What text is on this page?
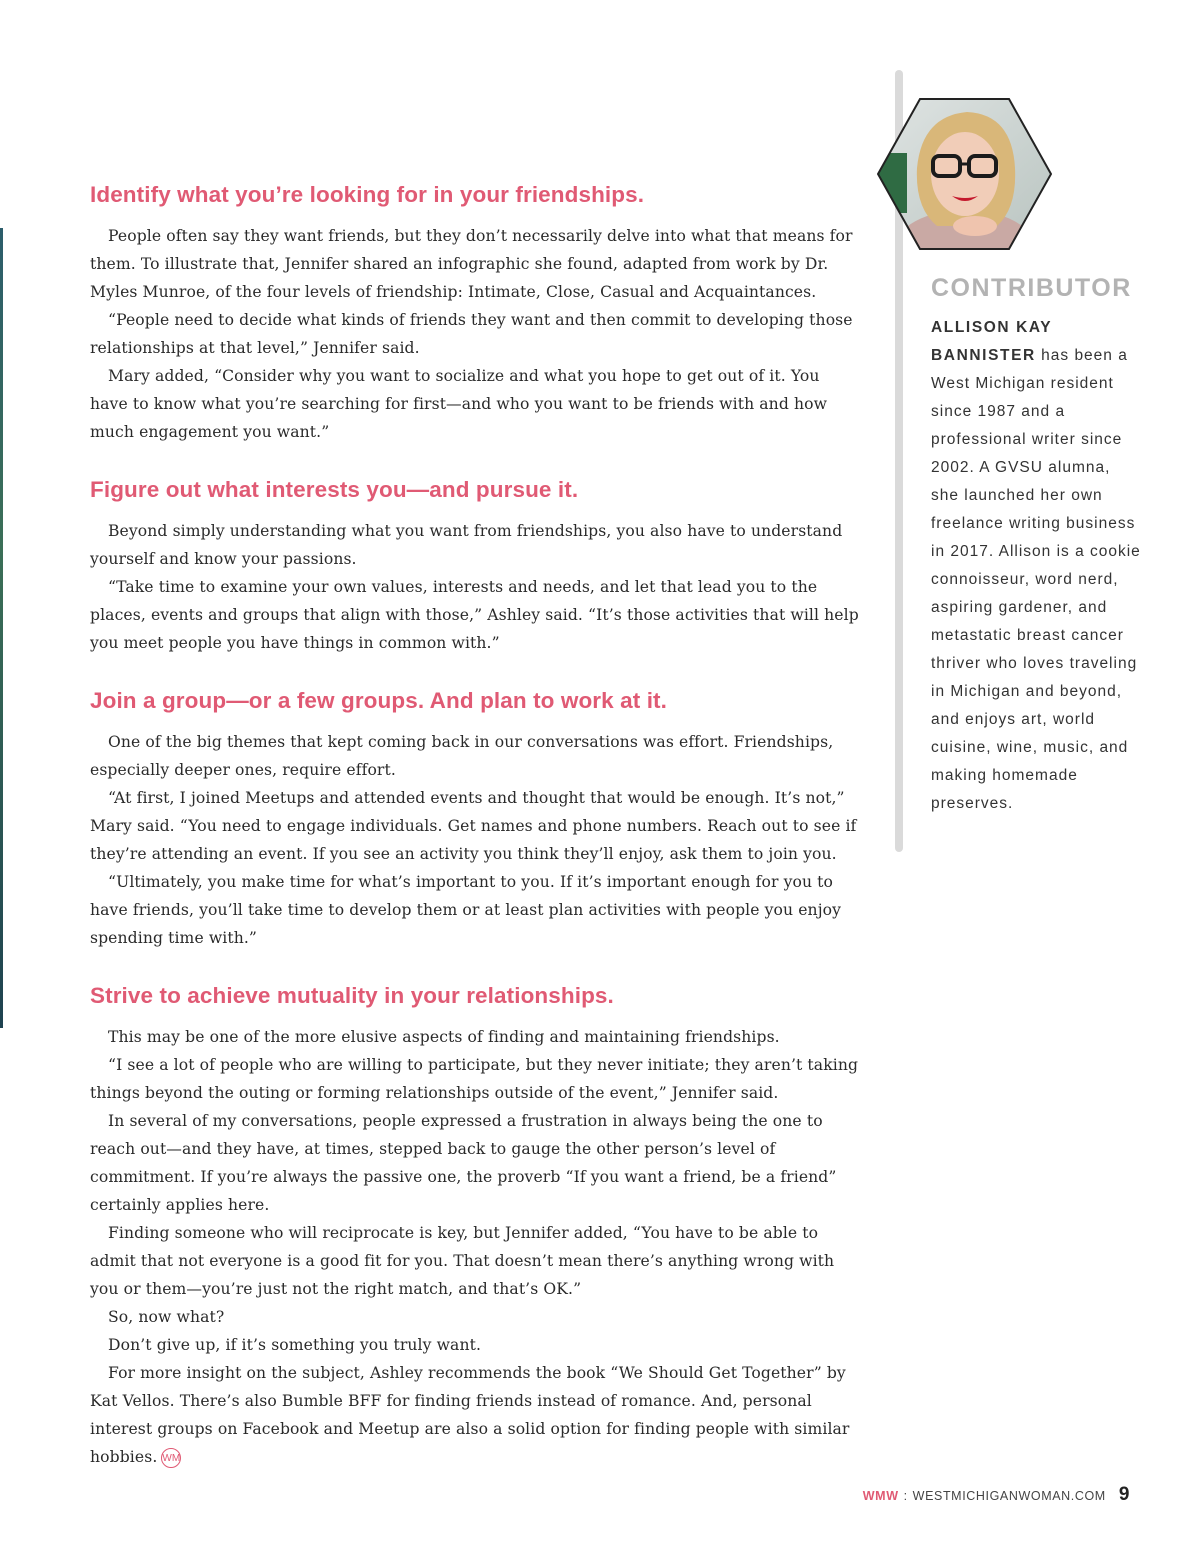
Identify what you’re looking for in your friendships.

People often say they want friends, but they don’t necessarily delve into what that means for them. To illustrate that, Jennifer shared an infographic she found, adapted from work by Dr. Myles Munroe, of the four levels of friendship: Intimate, Close, Casual and Acquaintances.

“People need to decide what kinds of friends they want and then commit to developing those relationships at that level,” Jennifer said.

Mary added, “Consider why you want to socialize and what you hope to get out of it. You have to know what you’re searching for first—and who you want to be friends with and how much engagement you want.”

Figure out what interests you—and pursue it.

Beyond simply understanding what you want from friendships, you also have to understand yourself and know your passions.

“Take time to examine your own values, interests and needs, and let that lead you to the places, events and groups that align with those,” Ashley said. “It’s those activities that will help you meet people you have things in common with.”

Join a group—or a few groups. And plan to work at it.

One of the big themes that kept coming back in our conversations was effort. Friendships, especially deeper ones, require effort.

“At first, I joined Meetups and attended events and thought that would be enough. It’s not,” Mary said. “You need to engage individuals. Get names and phone numbers. Reach out to see if they’re attending an event. If you see an activity you think they’ll enjoy, ask them to join you.

“Ultimately, you make time for what’s important to you. If it’s important enough for you to have friends, you’ll take time to develop them or at least plan activities with people you enjoy spending time with.”

Strive to achieve mutuality in your relationships.

This may be one of the more elusive aspects of finding and maintaining friendships.

“I see a lot of people who are willing to participate, but they never initiate; they aren’t taking things beyond the outing or forming relationships outside of the event,” Jennifer said.

In several of my conversations, people expressed a frustration in always being the one to reach out—and they have, at times, stepped back to gauge the other person’s level of commitment. If you’re always the passive one, the proverb “If you want a friend, be a friend” certainly applies here.

Finding someone who will reciprocate is key, but Jennifer added, “You have to be able to admit that not everyone is a good fit for you. That doesn’t mean there’s anything wrong with you or them—you’re just not the right match, and that’s OK.”

So, now what?

Don’t give up, if it’s something you truly want.

For more insight on the subject, Ashley recommends the book “We Should Get Together” by Kat Vellos. There’s also Bumble BFF for finding friends instead of romance. And, personal interest groups on Facebook and Meetup are also a solid option for finding people with similar hobbies. WM

CONTRIBUTOR

ALLISON KAY BANNISTER has been a West Michigan resident since 1987 and a professional writer since 2002. A GVSU alumna, she launched her own freelance writing business in 2017. Allison is a cookie connoisseur, word nerd, aspiring gardener, and metastatic breast cancer thriver who loves traveling in Michigan and beyond, and enjoys art, world cuisine, wine, music, and making homemade preserves.

WMW : WESTMICHIGANWOMAN.COM 9
